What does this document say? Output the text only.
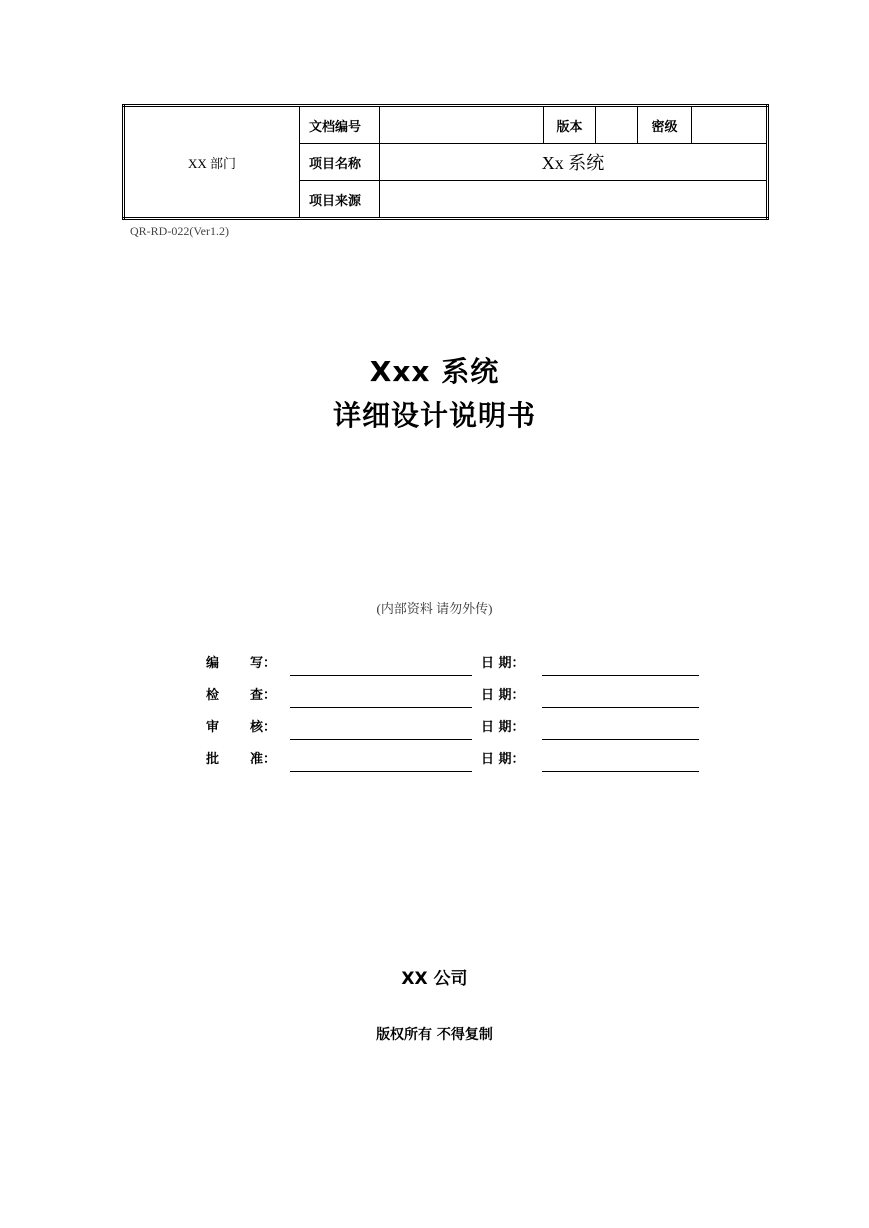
XX 部门	文档编号		版本		密级	
	项目名称	Xx 系统				
	项目来源					
QR-RD-022(Ver1.2)
Xxx 系统
详细设计说明书
(内部资料 请勿外传)
编 写：	日 期：
检 查：	日 期：
审 核：	日 期：
批 准：	日 期：
XX 公司
版权所有 不得复制
